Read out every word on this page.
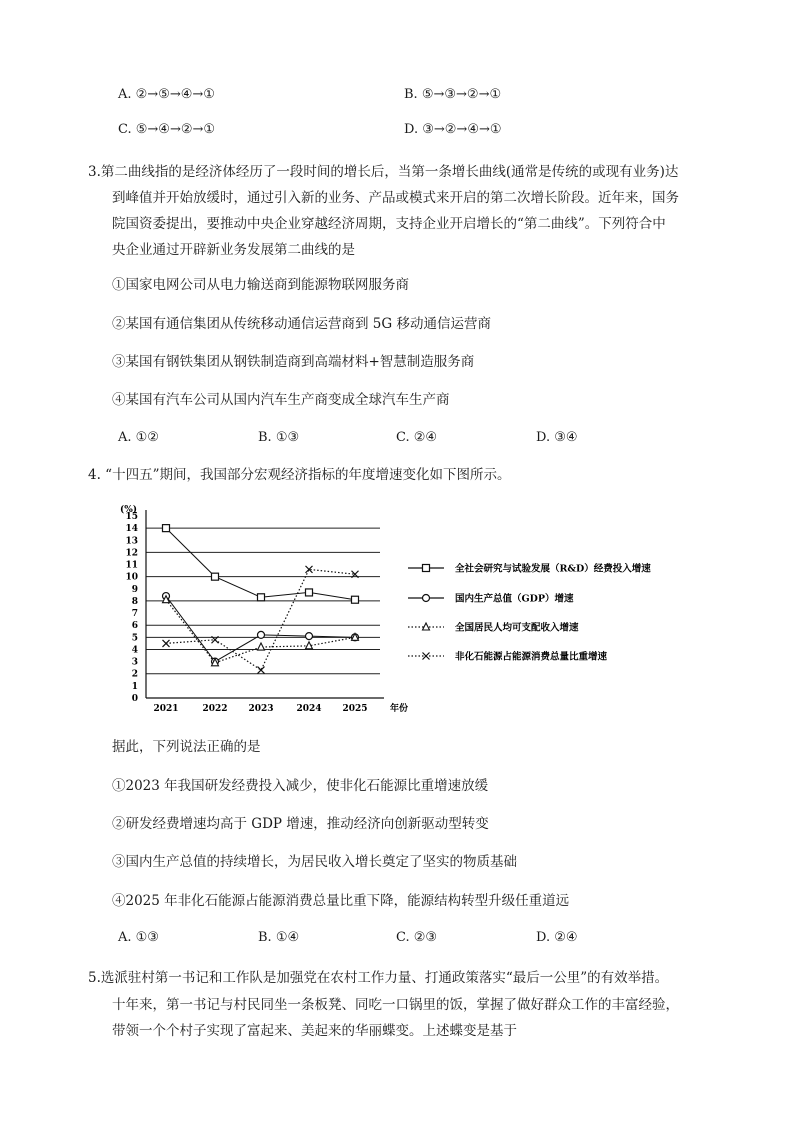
A. ②→⑤→④→①	B. ⑤→③→②→①
C. ⑤→④→②→①	D. ③→②→④→①
3.第二曲线指的是经济体经历了一段时间的增长后，当第一条增长曲线(通常是传统的或现有业务)达
到峰值并开始放缓时，通过引入新的业务、产品或模式来开启的第二次增长阶段。近年来，国务
院国资委提出，要推动中央企业穿越经济周期，支持企业开启增长的“第二曲线”。下列符合中
央企业通过开辟新业务发展第二曲线的是
①国家电网公司从电力输送商到能源物联网服务商
②某国有通信集团从传统移动通信运营商到 5G 移动通信运营商
③某国有钢铁集团从钢铁制造商到高端材料+智慧制造服务商
④某国有汽车公司从国内汽车生产商变成全球汽车生产商
A. ①②	B. ①③	C. ②④	D. ③④
4. “十四五”期间，我国部分宏观经济指标的年度增速变化如下图所示。
(%)
0
1
2
3
4
5
6
7
8
9
10
11
12
13
14
15
2021	2022 2023	2024 2025 年份
全社会研究与试验发展（R&D）经费投入增速
国内生产总值（GDP）增速
全国居民人均可支配收入增速
非化石能源占能源消费总量比重增速
据此，下列说法正确的是
①2023 年我国研发经费投入减少，使非化石能源比重增速放缓
②研发经费增速均高于 GDP 增速，推动经济向创新驱动型转变
③国内生产总值的持续增长，为居民收入增长奠定了坚实的物质基础
④2025 年非化石能源占能源消费总量比重下降，能源结构转型升级任重道远
A. ①③	B. ①④	C. ②③	D. ②④
5.选派驻村第一书记和工作队是加强党在农村工作力量、打通政策落实“最后一公里”的有效举措。
十年来，第一书记与村民同坐一条板凳、同吃一口锅里的饭，掌握了做好群众工作的丰富经验，
带领一个个村子实现了富起来、美起来的华丽蝶变。上述蝶变是基于
